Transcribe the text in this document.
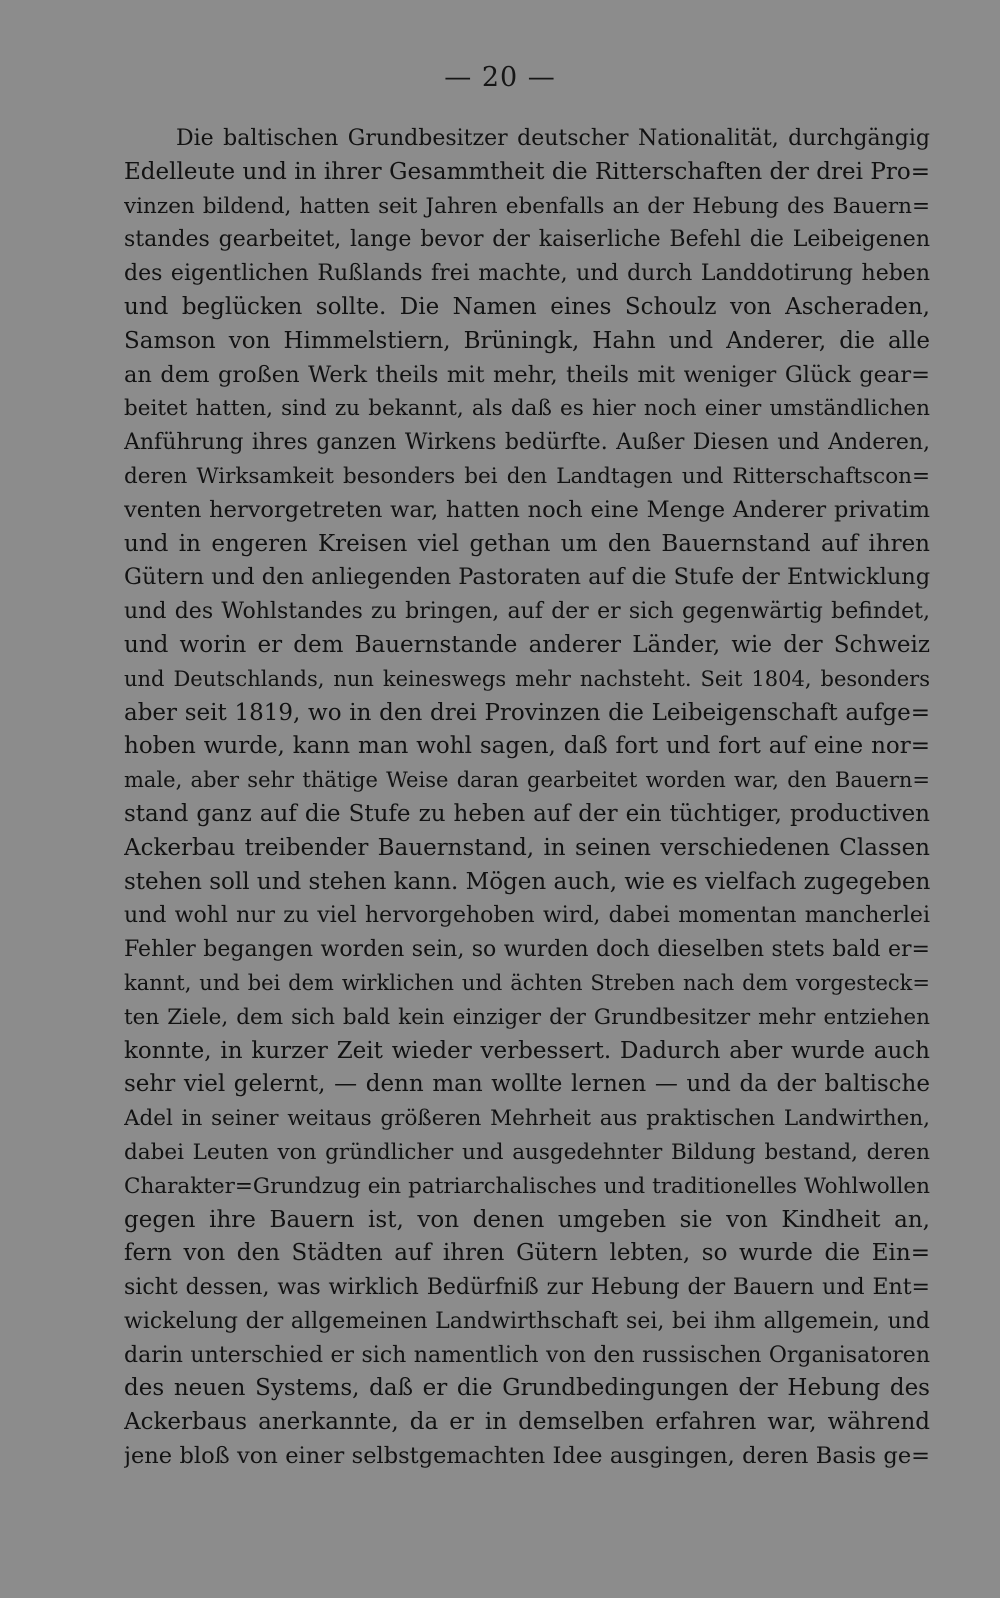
— 20 —
Die baltischen Grundbesitzer deutscher Nationalität, durchgängig
Edelleute und in ihrer Gesammtheit die Ritterschaften der drei Pro=
vinzen bildend, hatten seit Jahren ebenfalls an der Hebung des Bauern=
standes gearbeitet, lange bevor der kaiserliche Befehl die Leibeigenen
des eigentlichen Rußlands frei machte, und durch Landdotirung heben
und beglücken sollte. Die Namen eines Schoulz von Ascheraden,
Samson von Himmelstiern, Brüningk, Hahn und Anderer, die alle
an dem großen Werk theils mit mehr, theils mit weniger Glück gear=
beitet hatten, sind zu bekannt, als daß es hier noch einer umständlichen
Anführung ihres ganzen Wirkens bedürfte. Außer Diesen und Anderen,
deren Wirksamkeit besonders bei den Landtagen und Ritterschaftscon=
venten hervorgetreten war, hatten noch eine Menge Anderer privatim
und in engeren Kreisen viel gethan um den Bauernstand auf ihren
Gütern und den anliegenden Pastoraten auf die Stufe der Entwicklung
und des Wohlstandes zu bringen, auf der er sich gegenwärtig befindet,
und worin er dem Bauernstande anderer Länder, wie der Schweiz
und Deutschlands, nun keineswegs mehr nachsteht. Seit 1804, besonders
aber seit 1819, wo in den drei Provinzen die Leibeigenschaft aufge=
hoben wurde, kann man wohl sagen, daß fort und fort auf eine nor=
male, aber sehr thätige Weise daran gearbeitet worden war, den Bauern=
stand ganz auf die Stufe zu heben auf der ein tüchtiger, productiven
Ackerbau treibender Bauernstand, in seinen verschiedenen Classen
stehen soll und stehen kann. Mögen auch, wie es vielfach zugegeben
und wohl nur zu viel hervorgehoben wird, dabei momentan mancherlei
Fehler begangen worden sein, so wurden doch dieselben stets bald er=
kannt, und bei dem wirklichen und ächten Streben nach dem vorgesteck=
ten Ziele, dem sich bald kein einziger der Grundbesitzer mehr entziehen
konnte, in kurzer Zeit wieder verbessert. Dadurch aber wurde auch
sehr viel gelernt, — denn man wollte lernen — und da der baltische
Adel in seiner weitaus größeren Mehrheit aus praktischen Landwirthen,
dabei Leuten von gründlicher und ausgedehnter Bildung bestand, deren
Charakter=Grundzug ein patriarchalisches und traditionelles Wohlwollen
gegen ihre Bauern ist, von denen umgeben sie von Kindheit an,
fern von den Städten auf ihren Gütern lebten, so wurde die Ein=
sicht dessen, was wirklich Bedürfniß zur Hebung der Bauern und Ent=
wickelung der allgemeinen Landwirthschaft sei, bei ihm allgemein, und
darin unterschied er sich namentlich von den russischen Organisatoren
des neuen Systems, daß er die Grundbedingungen der Hebung des
Ackerbaus anerkannte, da er in demselben erfahren war, während
jene bloß von einer selbstgemachten Idee ausgingen, deren Basis ge=
